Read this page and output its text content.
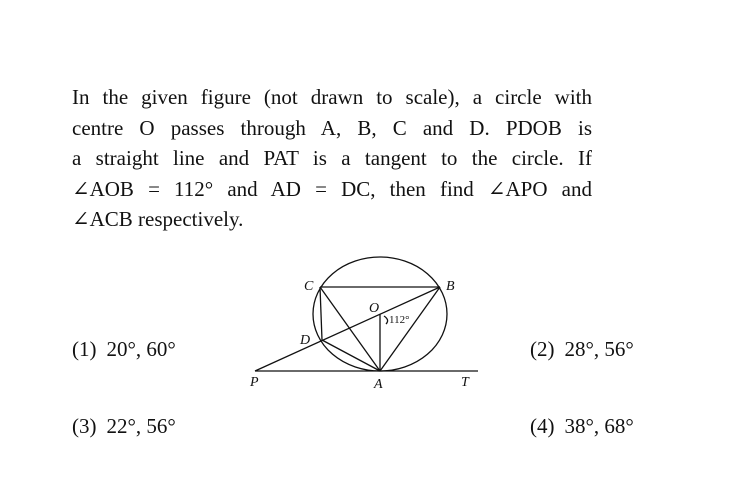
In the given figure (not drawn to scale), a circle with
centre O passes through A, B, C and D. PDOB is
a straight line and PAT is a tangent to the circle. If
∠AOB = 112° and AD = DC, then find ∠APO and
∠ACB respectively.
C	B
O
D
P	A	T
112°
(1) 20°, 60°	(2) 28°, 56°
(3) 22°, 56°	(4) 38°, 68°
